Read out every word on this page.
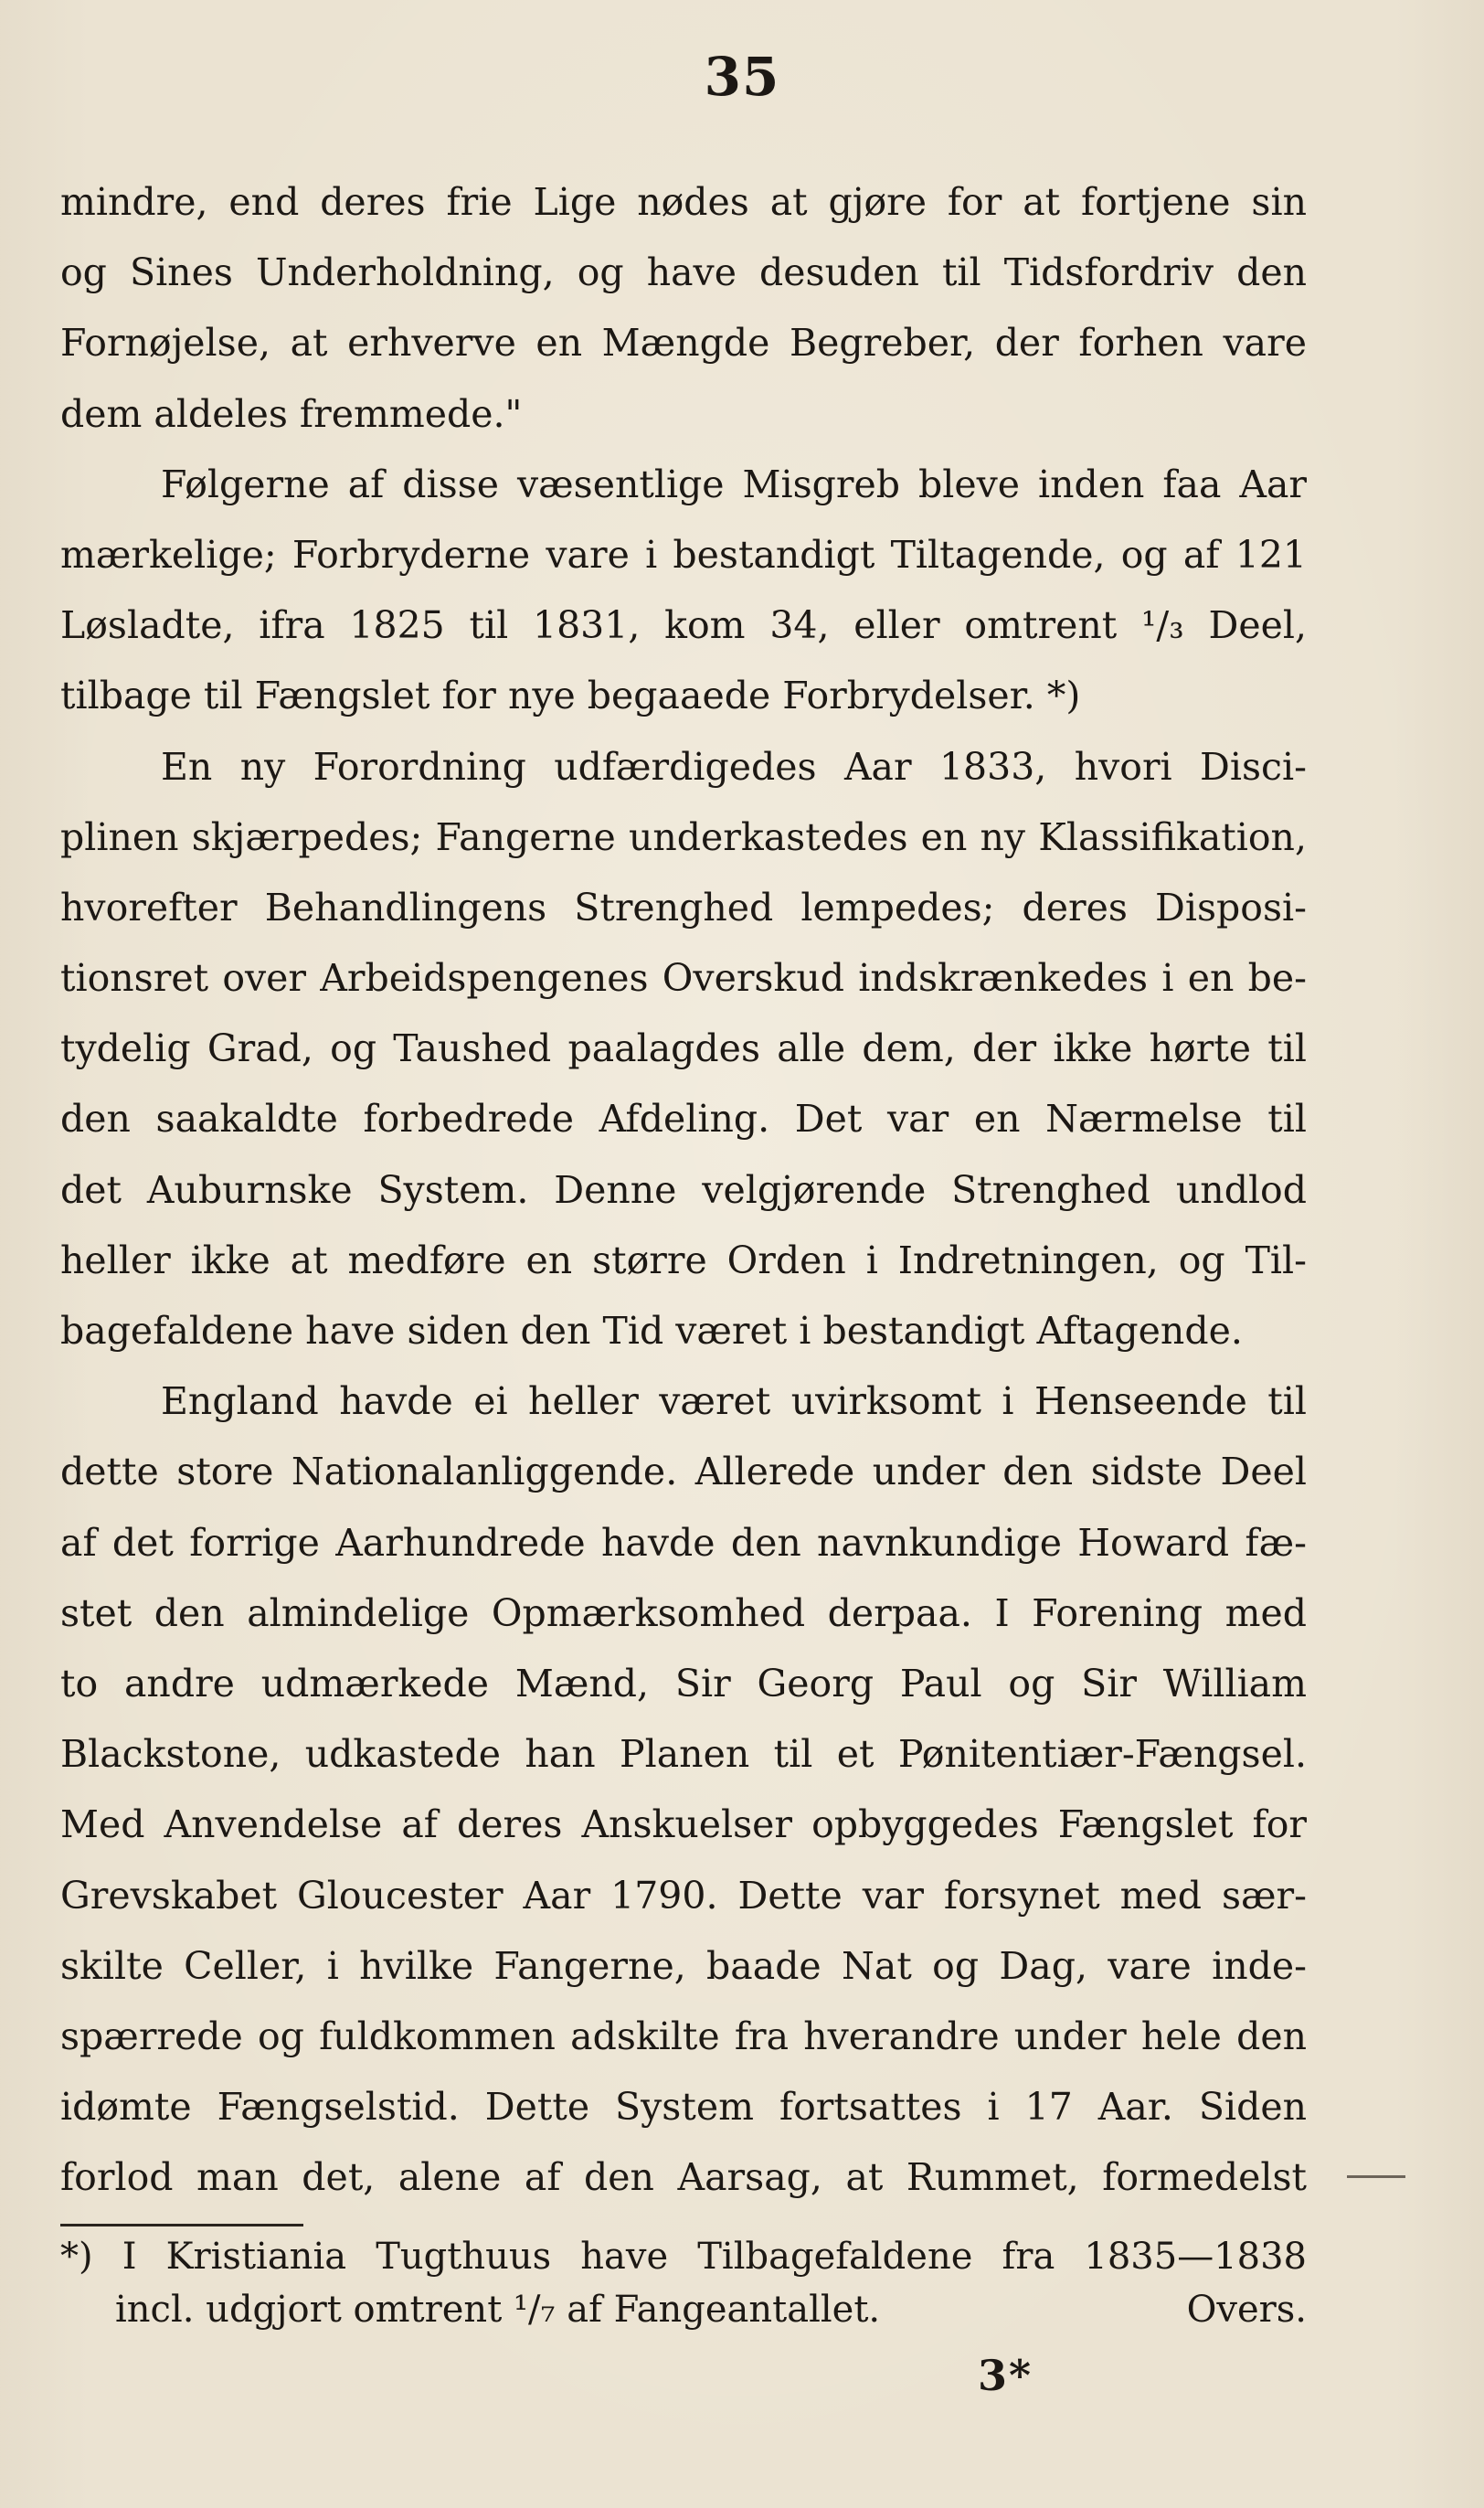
35
mindre, end deres frie Lige nødes at gjøre for at fortjene sin
og Sines Underholdning, og have desuden til Tidsfordriv den
Fornøjelse, at erhverve en Mængde Begreber, der forhen vare
dem aldeles fremmede."
Følgerne af disse væsentlige Misgreb bleve inden faa Aar
mærkelige; Forbryderne vare i bestandigt Tiltagende, og af 121
Løsladte, ifra 1825 til 1831, kom 34, eller omtrent ¹/₃ Deel,
tilbage til Fængslet for nye begaaede Forbrydelser. *)
En ny Forordning udfærdigedes Aar 1833, hvori Disci-
plinen skjærpedes; Fangerne underkastedes en ny Klassifikation,
hvorefter Behandlingens Strenghed lempedes; deres Disposi-
tionsret over Arbeidspengenes Overskud indskrænkedes i en be-
tydelig Grad, og Taushed paalagdes alle dem, der ikke hørte til
den saakaldte forbedrede Afdeling. Det var en Nærmelse til
det Auburnske System. Denne velgjørende Strenghed undlod
heller ikke at medføre en større Orden i Indretningen, og Til-
bagefaldene have siden den Tid været i bestandigt Aftagende.
England havde ei heller været uvirksomt i Henseende til
dette store Nationalanliggende. Allerede under den sidste Deel
af det forrige Aarhundrede havde den navnkundige Howard fæ-
stet den almindelige Opmærksomhed derpaa. I Forening med
to andre udmærkede Mænd, Sir Georg Paul og Sir William
Blackstone, udkastede han Planen til et Pønitentiær-Fængsel.
Med Anvendelse af deres Anskuelser opbyggedes Fængslet for
Grevskabet Gloucester Aar 1790. Dette var forsynet med sær-
skilte Celler, i hvilke Fangerne, baade Nat og Dag, vare inde-
spærrede og fuldkommen adskilte fra hverandre under hele den
idømte Fængselstid. Dette System fortsattes i 17 Aar. Siden
forlod man det, alene af den Aarsag, at Rummet, formedelst
*) I Kristiania Tugthuus have Tilbagefaldene fra 1835—1838
incl. udgjort omtrent ¹/₇ af Fangeantallet.	Overs.
3*
